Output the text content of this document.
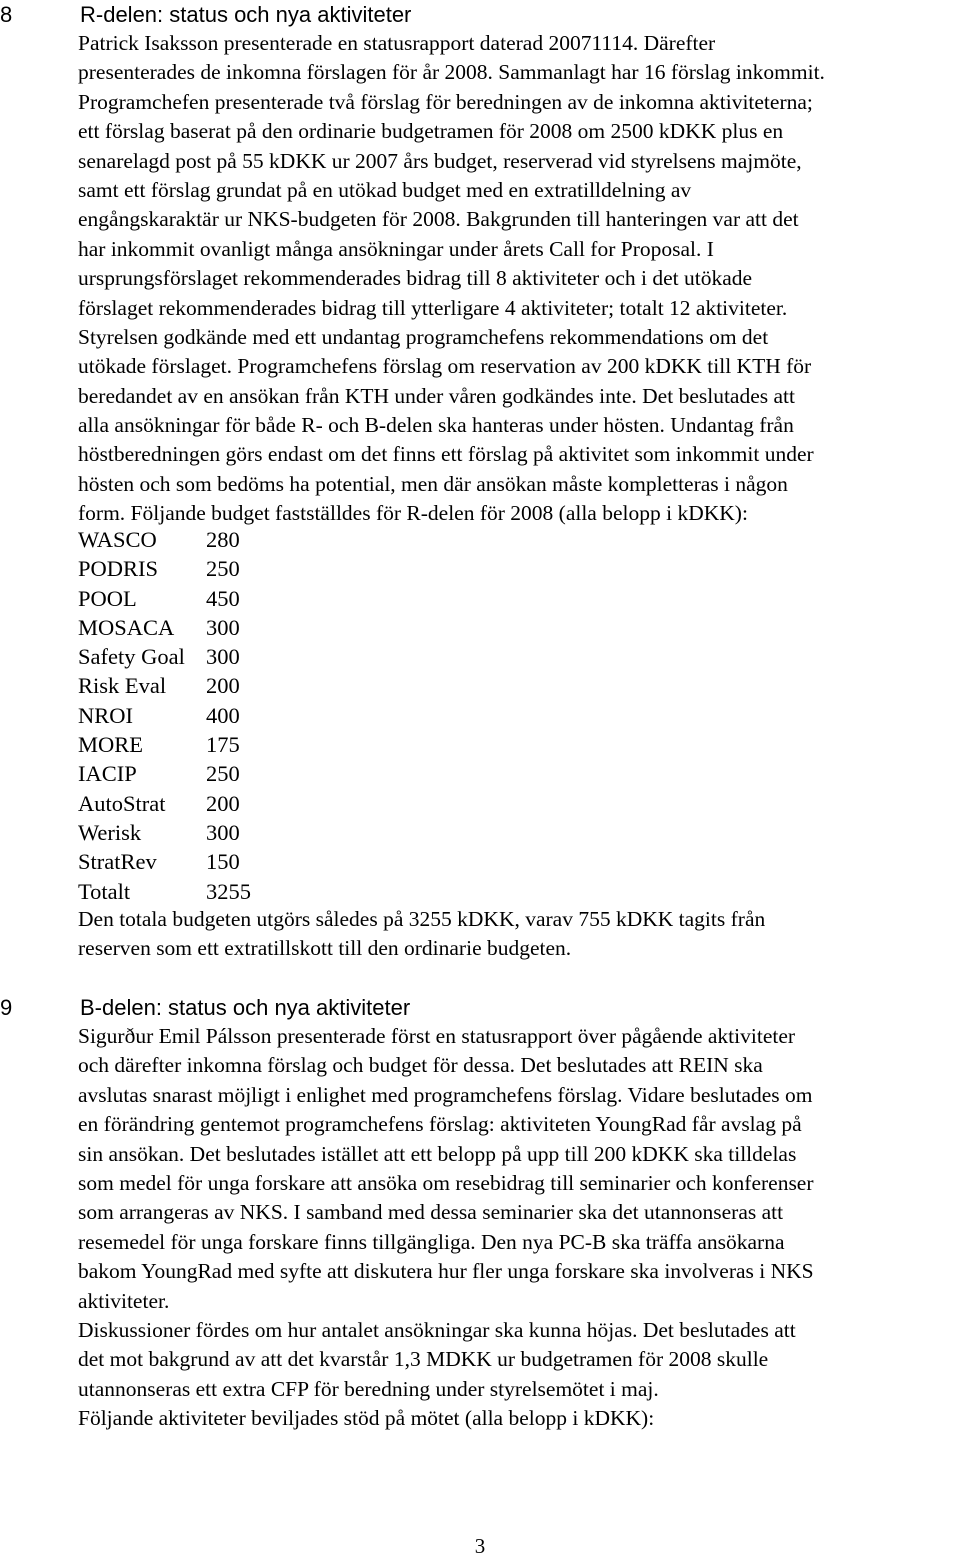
8	R-delen: status och nya aktiviteter
Patrick Isaksson presenterade en statusrapport daterad 20071114. Därefter
presenterades de inkomna förslagen för år 2008. Sammanlagt har 16 förslag inkommit.
Programchefen presenterade två förslag för beredningen av de inkomna aktiviteterna;
ett förslag baserat på den ordinarie budgetramen för 2008 om 2500 kDKK plus en
senarelagd post på 55 kDKK ur 2007 års budget, reserverad vid styrelsens majmöte,
samt ett förslag grundat på en utökad budget med en extratilldelning av
engångskaraktär ur NKS-budgeten för 2008. Bakgrunden till hanteringen var att det
har inkommit ovanligt många ansökningar under årets Call for Proposal. I
ursprungsförslaget rekommenderades bidrag till 8 aktiviteter och i det utökade
förslaget rekommenderades bidrag till ytterligare 4 aktiviteter; totalt 12 aktiviteter.
Styrelsen godkände med ett undantag programchefens rekommendations om det
utökade förslaget. Programchefens förslag om reservation av 200 kDKK till KTH för
beredandet av en ansökan från KTH under våren godkändes inte. Det beslutades att
alla ansökningar för både R- och B-delen ska hanteras under hösten. Undantag från
höstberedningen görs endast om det finns ett förslag på aktivitet som inkommit under
hösten och som bedöms ha potential, men där ansökan måste kompletteras i någon
form. Följande budget fastställdes för R-delen för 2008 (alla belopp i kDKK):
WASCO 280
PODRIS 250
POOL	450
MOSACA 300
Safety Goal 300
Risk Eval 200
NROI	400
MORE	175
IACIP	250
AutoStrat 200
Werisk	300
StratRev 150
Totalt	3255
Den totala budgeten utgörs således på 3255 kDKK, varav 755 kDKK tagits från
reserven som ett extratillskott till den ordinarie budgeten.
9	B-delen: status och nya aktiviteter
Sigurður Emil Pálsson presenterade först en statusrapport över pågående aktiviteter
och därefter inkomna förslag och budget för dessa. Det beslutades att REIN ska
avslutas snarast möjligt i enlighet med programchefens förslag. Vidare beslutades om
en förändring gentemot programchefens förslag: aktiviteten YoungRad får avslag på
sin ansökan. Det beslutades istället att ett belopp på upp till 200 kDKK ska tilldelas
som medel för unga forskare att ansöka om resebidrag till seminarier och konferenser
som arrangeras av NKS. I samband med dessa seminarier ska det utannonseras att
resemedel för unga forskare finns tillgängliga. Den nya PC-B ska träffa ansökarna
bakom YoungRad med syfte att diskutera hur fler unga forskare ska involveras i NKS
aktiviteter.
Diskussioner fördes om hur antalet ansökningar ska kunna höjas. Det beslutades att
det mot bakgrund av att det kvarstår 1,3 MDKK ur budgetramen för 2008 skulle
utannonseras ett extra CFP för beredning under styrelsemötet i maj.
Följande aktiviteter beviljades stöd på mötet (alla belopp i kDKK):
3
